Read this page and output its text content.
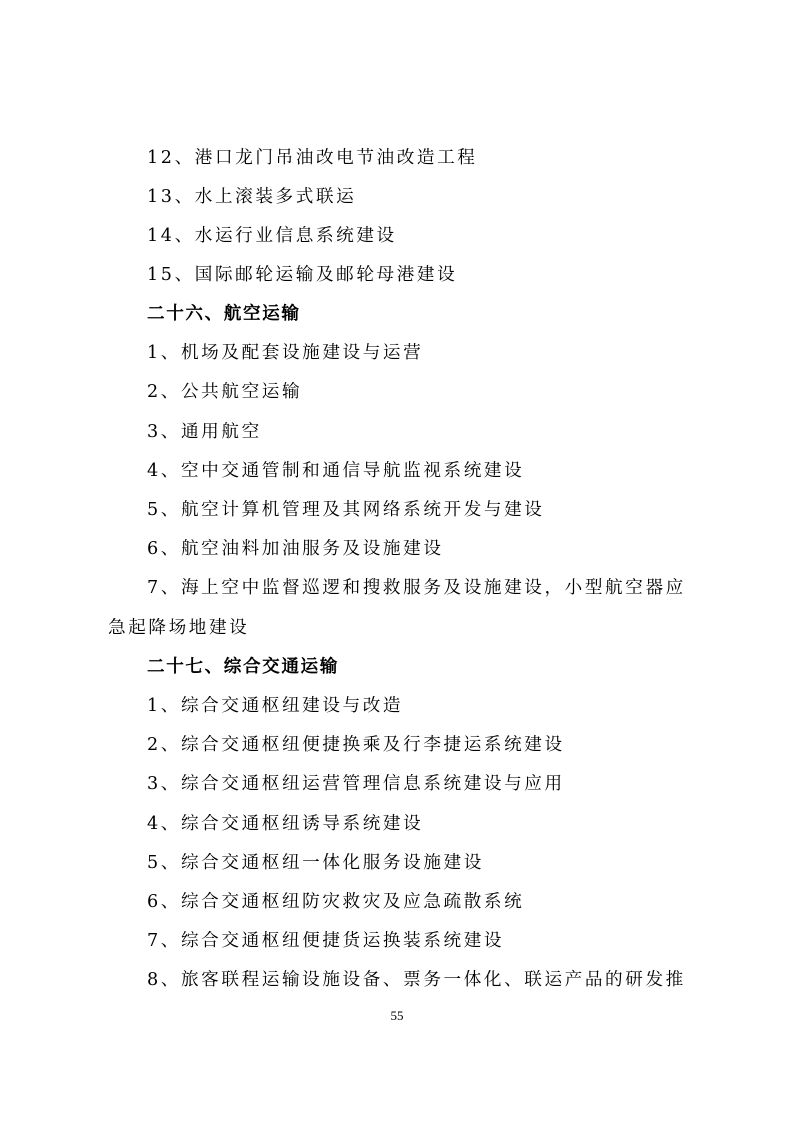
12、港口龙门吊油改电节油改造工程
13、水上滚装多式联运
14、水运行业信息系统建设
15、国际邮轮运输及邮轮母港建设
二十六、航空运输
1、机场及配套设施建设与运营
2、公共航空运输
3、通用航空
4、空中交通管制和通信导航监视系统建设
5、航空计算机管理及其网络系统开发与建设
6、航空油料加油服务及设施建设
7、海上空中监督巡逻和搜救服务及设施建设，小型航空器应
急起降场地建设
二十七、综合交通运输
1、综合交通枢纽建设与改造
2、综合交通枢纽便捷换乘及行李捷运系统建设
3、综合交通枢纽运营管理信息系统建设与应用
4、综合交通枢纽诱导系统建设
5、综合交通枢纽一体化服务设施建设
6、综合交通枢纽防灾救灾及应急疏散系统
7、综合交通枢纽便捷货运换装系统建设
8、旅客联程运输设施设备、票务一体化、联运产品的研发推
55
